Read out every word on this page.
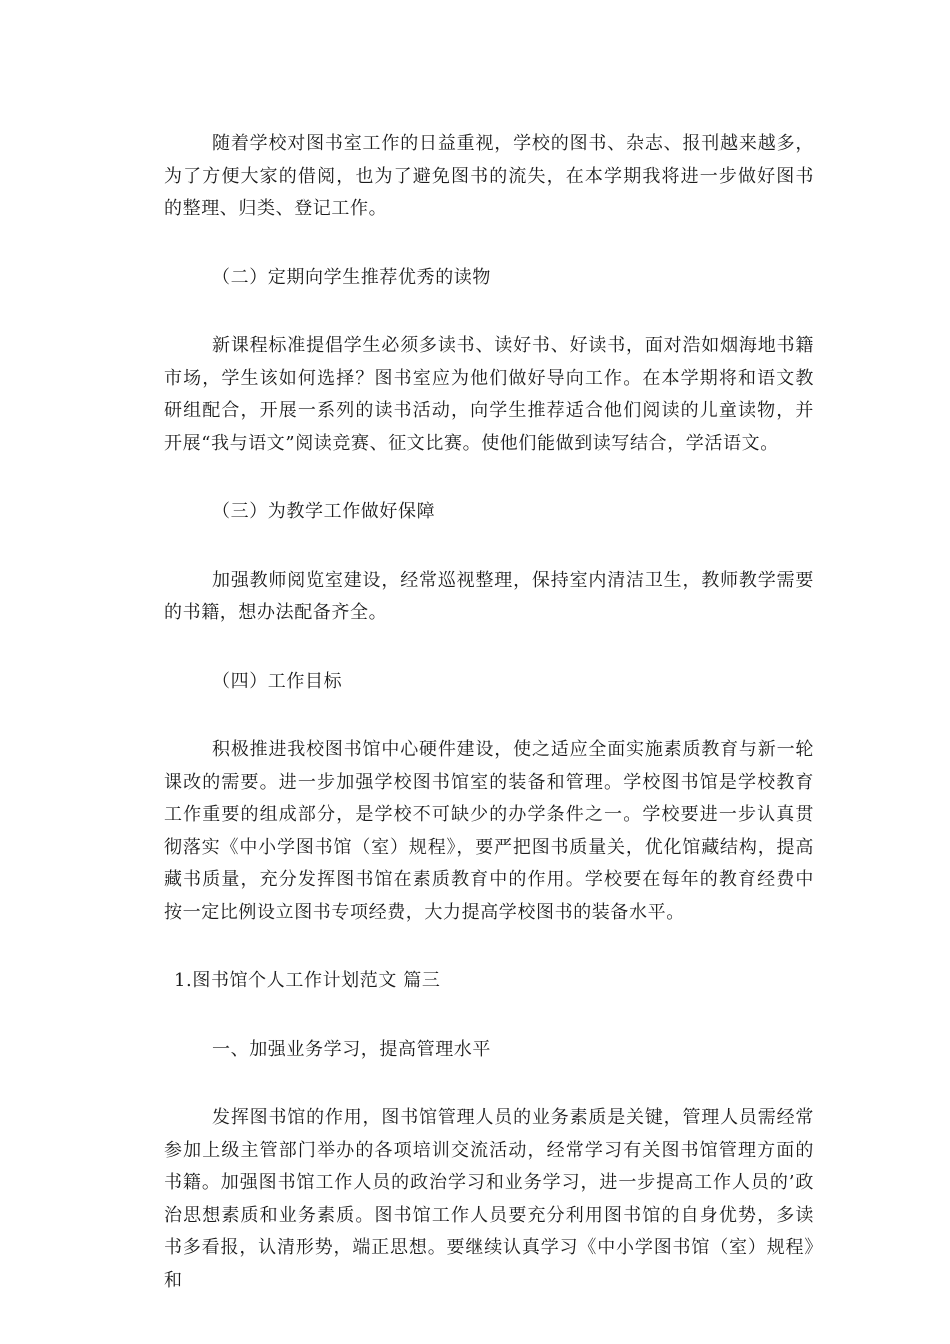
随着学校对图书室工作的日益重视，学校的图书、杂志、报刊越来越多，为了方便大家的借阅，也为了避免图书的流失，在本学期我将进一步做好图书的整理、归类、登记工作。

（二）定期向学生推荐优秀的读物

新课程标准提倡学生必须多读书、读好书、好读书，面对浩如烟海地书籍市场，学生该如何选择？图书室应为他们做好导向工作。在本学期将和语文教研组配合，开展一系列的读书活动，向学生推荐适合他们阅读的儿童读物，并开展“我与语文”阅读竞赛、征文比赛。使他们能做到读写结合，学活语文。

（三）为教学工作做好保障

加强教师阅览室建设，经常巡视整理，保持室内清洁卫生，教师教学需要的书籍，想办法配备齐全。

（四）工作目标

积极推进我校图书馆中心硬件建设，使之适应全面实施素质教育与新一轮课改的需要。进一步加强学校图书馆室的装备和管理。学校图书馆是学校教育工作重要的组成部分，是学校不可缺少的办学条件之一。学校要进一步认真贯彻落实《中小学图书馆（室）规程》，要严把图书质量关，优化馆藏结构，提高藏书质量，充分发挥图书馆在素质教育中的作用。学校要在每年的教育经费中按一定比例设立图书专项经费，大力提高学校图书的装备水平。

1.图书馆个人工作计划范文 篇三

一、加强业务学习，提高管理水平

发挥图书馆的作用，图书馆管理人员的业务素质是关键，管理人员需经常参加上级主管部门举办的各项培训交流活动，经常学习有关图书馆管理方面的书籍。加强图书馆工作人员的政治学习和业务学习，进一步提高工作人员的’政治思想素质和业务素质。图书馆工作人员要充分利用图书馆的自身优势，多读书多看报，认清形势，端正思想。要继续认真学习《中小学图书馆（室）规程》和
